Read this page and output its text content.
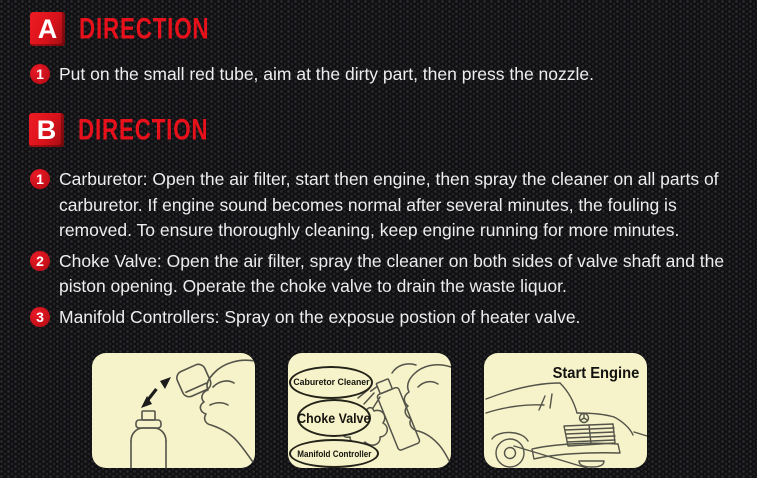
A DIRECTION
1 Put on the small red tube, aim at the dirty part, then press the nozzle.
B DIRECTION
1 Carburetor: Open the air filter, start then engine, then spray the cleaner on all parts of carburetor. If engine sound becomes normal after several minutes, the fouling is removed. To ensure thoroughly cleaning, keep engine running for more minutes.
2 Choke Valve: Open the air filter, spray the cleaner on both sides of valve shaft and the piston opening. Operate the choke valve to drain the waste liquor.
3 Manifold Controllers: Spray on the exposue postion of heater valve.
Caburetor Cleaner
Choke Valve
Manifold Controller
Start Engine
